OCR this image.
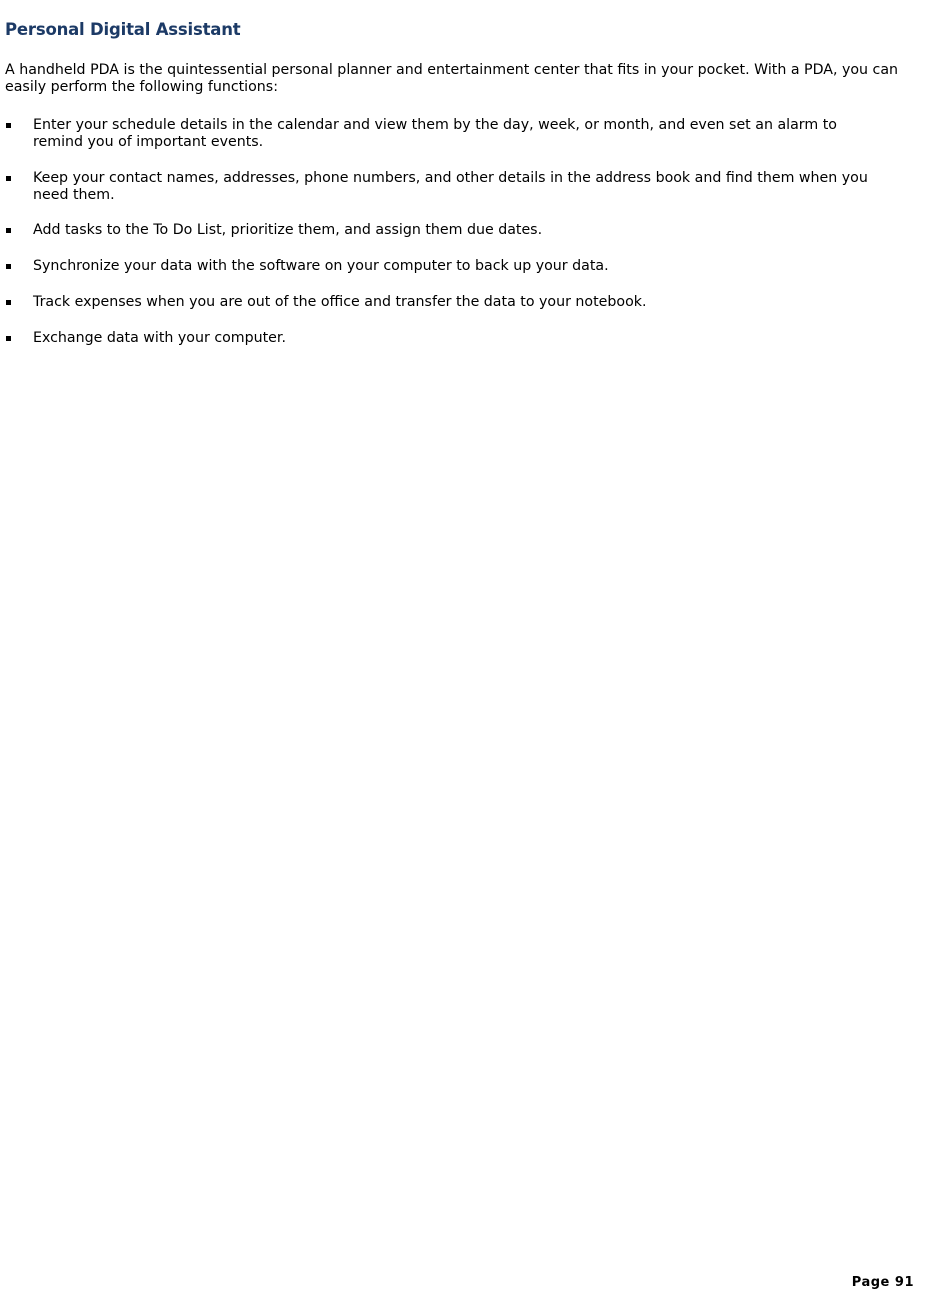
Personal Digital Assistant

A handheld PDA is the quintessential personal planner and entertainment center that fits in your pocket. With a PDA, you can easily perform the following functions:

Enter your schedule details in the calendar and view them by the day, week, or month, and even set an alarm to remind you of important events.
Keep your contact names, addresses, phone numbers, and other details in the address book and find them when you need them.
Add tasks to the To Do List, prioritize them, and assign them due dates.
Synchronize your data with the software on your computer to back up your data.
Track expenses when you are out of the office and transfer the data to your notebook.
Exchange data with your computer.
Page 91
